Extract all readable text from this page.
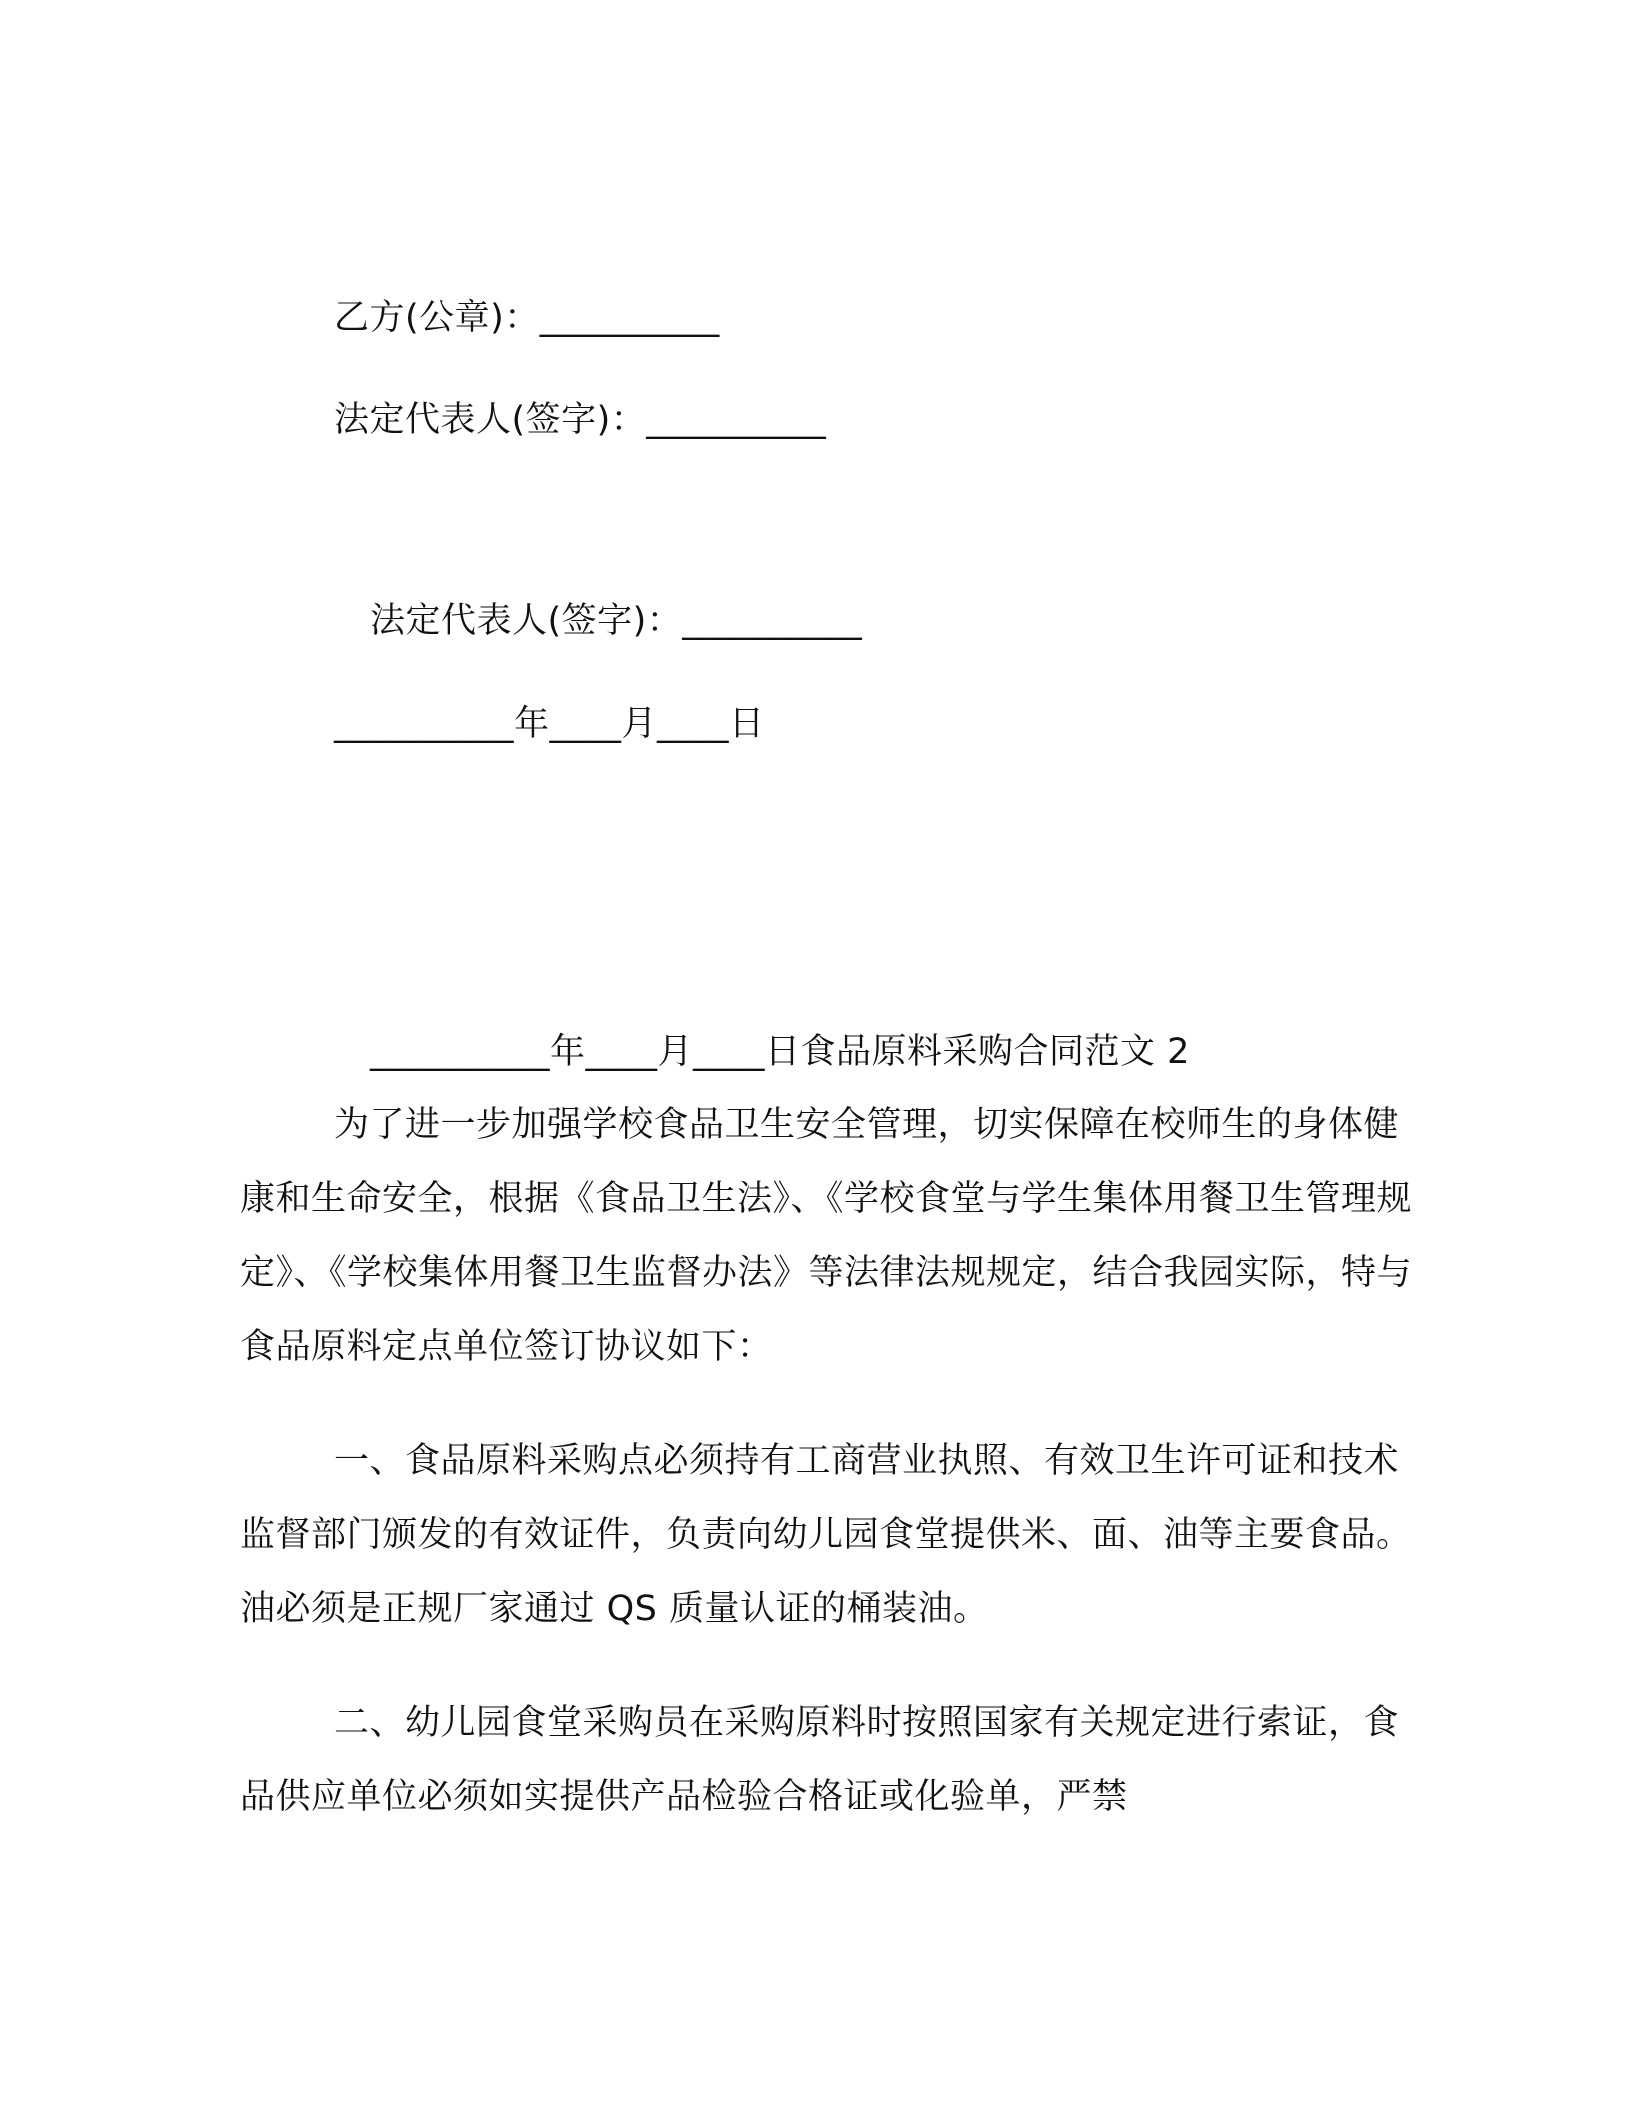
乙方(公章)：__________
法定代表人(签字)：__________
法定代表人(签字)：__________
__________年____月____日
__________年____月____日食品原料采购合同范文 2
为了进一步加强学校食品卫生安全管理，切实保障在校师生的身体健康和生命安全，根据《食品卫生法》、《学校食堂与学生集体用餐卫生管理规定》、《学校集体用餐卫生监督办法》等法律法规规定，结合我园实际，特与食品原料定点单位签订协议如下：
一、食品原料采购点必须持有工商营业执照、有效卫生许可证和技术监督部门颁发的有效证件，负责向幼儿园食堂提供米、面、油等主要食品。油必须是正规厂家通过 QS 质量认证的桶装油。
二、幼儿园食堂采购员在采购原料时按照国家有关规定进行索证，食品供应单位必须如实提供产品检验合格证或化验单，严禁
